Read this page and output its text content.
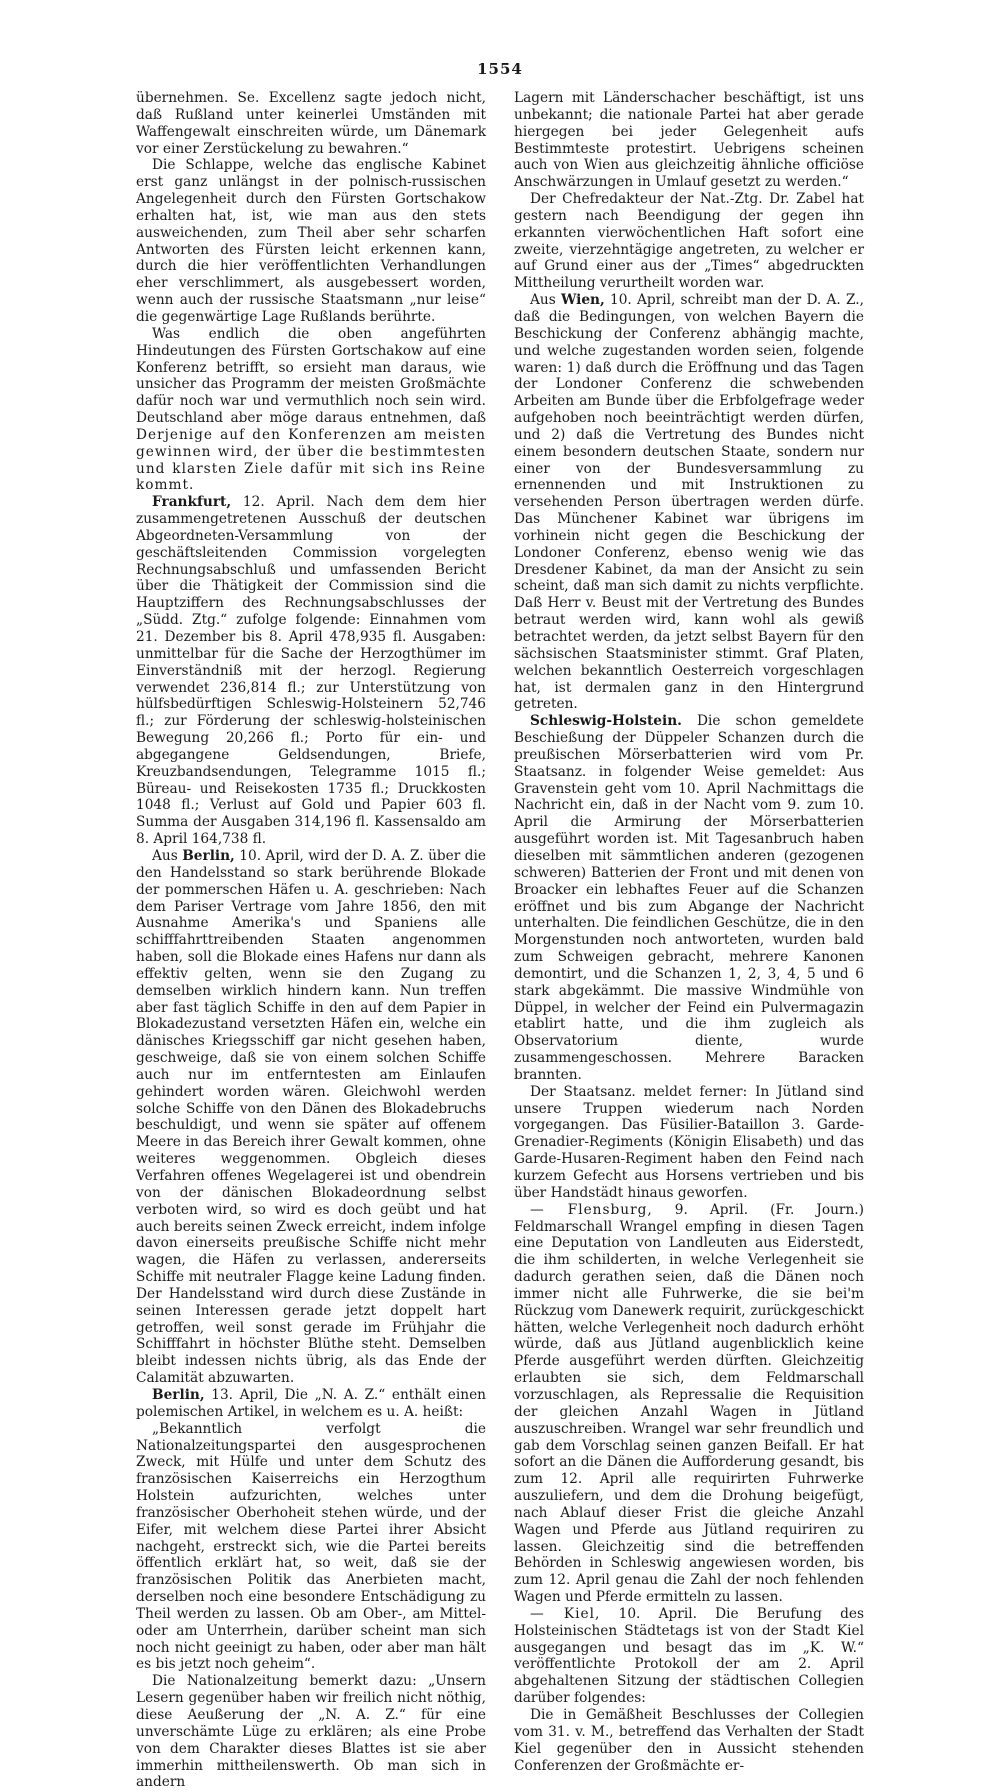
1554

übernehmen. Se. Excellenz sagte jedoch nicht, daß Rußland unter keinerlei Umständen mit Waffengewalt einschreiten würde, um Dänemark vor einer Zerstückelung zu bewahren.“

Die Schlappe, welche das englische Kabinet erst ganz unlängst in der polnisch-russischen Angelegenheit durch den Fürsten Gortschakow erhalten hat, ist, wie man aus den stets ausweichenden, zum Theil aber sehr scharfen Antworten des Fürsten leicht erkennen kann, durch die hier veröffentlichten Verhandlungen eher verschlimmert, als ausgebessert worden, wenn auch der russische Staatsmann „nur leise“ die gegenwärtige Lage Rußlands berührte.

Was endlich die oben angeführten Hindeutungen des Fürsten Gortschakow auf eine Konferenz betrifft, so ersieht man daraus, wie unsicher das Programm der meisten Großmächte dafür noch war und vermuthlich noch sein wird. Deutschland aber möge daraus entnehmen, daß Derjenige auf den Konferenzen am meisten gewinnen wird, der über die bestimmtesten und klarsten Ziele dafür mit sich ins Reine kommt.

Frankfurt, 12. April. Nach dem dem hier zusammengetretenen Ausschuß der deutschen Abgeordneten-Versammlung von der geschäftsleitenden Commission vorgelegten Rechnungsabschluß und umfassenden Bericht über die Thätigkeit der Commission sind die Hauptziffern des Rechnungsabschlusses der „Südd. Ztg.“ zufolge folgende: Einnahmen vom 21. Dezember bis 8. April 478,935 fl. Ausgaben: unmittelbar für die Sache der Herzogthümer im Einverständniß mit der herzogl. Regierung verwendet 236,814 fl.; zur Unterstützung von hülfsbedürftigen Schleswig-Holsteinern 52,746 fl.; zur Förderung der schleswig-holsteinischen Bewegung 20,266 fl.; Porto für ein- und abgegangene Geldsendungen, Briefe, Kreuzbandsendungen, Telegramme 1015 fl.; Büreau- und Reisekosten 1735 fl.; Druckkosten 1048 fl.; Verlust auf Gold und Papier 603 fl. Summa der Ausgaben 314,196 fl. Kassensaldo am 8. April 164,738 fl.

Aus Berlin, 10. April, wird der D. A. Z. über die den Handelsstand so stark berührende Blokade der pommerschen Häfen u. A. geschrieben: Nach dem Pariser Vertrage vom Jahre 1856, den mit Ausnahme Amerika's und Spaniens alle schifffahrttreibenden Staaten angenommen haben, soll die Blokade eines Hafens nur dann als effektiv gelten, wenn sie den Zugang zu demselben wirklich hindern kann. Nun treffen aber fast täglich Schiffe in den auf dem Papier in Blokadezustand versetzten Häfen ein, welche ein dänisches Kriegsschiff gar nicht gesehen haben, geschweige, daß sie von einem solchen Schiffe auch nur im entferntesten am Einlaufen gehindert worden wären. Gleichwohl werden solche Schiffe von den Dänen des Blokadebruchs beschuldigt, und wenn sie später auf offenem Meere in das Bereich ihrer Gewalt kommen, ohne weiteres weggenommen. Obgleich dieses Verfahren offenes Wegelagerei ist und obendrein von der dänischen Blokadeordnung selbst verboten wird, so wird es doch geübt und hat auch bereits seinen Zweck erreicht, indem infolge davon einerseits preußische Schiffe nicht mehr wagen, die Häfen zu verlassen, andererseits Schiffe mit neutraler Flagge keine Ladung finden. Der Handelsstand wird durch diese Zustände in seinen Interessen gerade jetzt doppelt hart getroffen, weil sonst gerade im Frühjahr die Schifffahrt in höchster Blüthe steht. Demselben bleibt indessen nichts übrig, als das Ende der Calamität abzuwarten.

Berlin, 13. April, Die „N. A. Z.“ enthält einen polemischen Artikel, in welchem es u. A. heißt:

„Bekanntlich verfolgt die Nationalzeitungspartei den ausgesprochenen Zweck, mit Hülfe und unter dem Schutz des französischen Kaiserreichs ein Herzogthum Holstein aufzurichten, welches unter französischer Oberhoheit stehen würde, und der Eifer, mit welchem diese Partei ihrer Absicht nachgeht, erstreckt sich, wie die Partei bereits öffentlich erklärt hat, so weit, daß sie der französischen Politik das Anerbieten macht, derselben noch eine besondere Entschädigung zu Theil werden zu lassen. Ob am Ober-, am Mittel- oder am Unterrhein, darüber scheint man sich noch nicht geeinigt zu haben, oder aber man hält es bis jetzt noch geheim“.

Die Nationalzeitung bemerkt dazu: „Unsern Lesern gegenüber haben wir freilich nicht nöthig, diese Aeußerung der „N. A. Z.“ für eine unverschämte Lüge zu erklären; als eine Probe von dem Charakter dieses Blattes ist sie aber immerhin mittheilenswerth. Ob man sich in andern

Lagern mit Länderschacher beschäftigt, ist uns unbekannt; die nationale Partei hat aber gerade hiergegen bei jeder Gelegenheit aufs Bestimmteste protestirt. Uebrigens scheinen auch von Wien aus gleichzeitig ähnliche officiöse Anschwärzungen in Umlauf gesetzt zu werden.“

Der Chefredakteur der Nat.-Ztg. Dr. Zabel hat gestern nach Beendigung der gegen ihn erkannten vierwöchentlichen Haft sofort eine zweite, vierzehntägige angetreten, zu welcher er auf Grund einer aus der „Times“ abgedruckten Mittheilung verurtheilt worden war.

Aus Wien, 10. April, schreibt man der D. A. Z., daß die Bedingungen, von welchen Bayern die Beschickung der Conferenz abhängig machte, und welche zugestanden worden seien, folgende waren: 1) daß durch die Eröffnung und das Tagen der Londoner Conferenz die schwebenden Arbeiten am Bunde über die Erbfolgefrage weder aufgehoben noch beeinträchtigt werden dürfen, und 2) daß die Vertretung des Bundes nicht einem besondern deutschen Staate, sondern nur einer von der Bundesversammlung zu ernennenden und mit Instruktionen zu versehenden Person übertragen werden dürfe. Das Münchener Kabinet war übrigens im vorhinein nicht gegen die Beschickung der Londoner Conferenz, ebenso wenig wie das Dresdener Kabinet, da man der Ansicht zu sein scheint, daß man sich damit zu nichts verpflichte. Daß Herr v. Beust mit der Vertretung des Bundes betraut werden wird, kann wohl als gewiß betrachtet werden, da jetzt selbst Bayern für den sächsischen Staatsminister stimmt. Graf Platen, welchen bekanntlich Oesterreich vorgeschlagen hat, ist dermalen ganz in den Hintergrund getreten.

Schleswig-Holstein. Die schon gemeldete Beschießung der Düppeler Schanzen durch die preußischen Mörserbatterien wird vom Pr. Staatsanz. in folgender Weise gemeldet: Aus Gravenstein geht vom 10. April Nachmittags die Nachricht ein, daß in der Nacht vom 9. zum 10. April die Armirung der Mörserbatterien ausgeführt worden ist. Mit Tagesanbruch haben dieselben mit sämmtlichen anderen (gezogenen schweren) Batterien der Front und mit denen von Broacker ein lebhaftes Feuer auf die Schanzen eröffnet und bis zum Abgange der Nachricht unterhalten. Die feindlichen Geschütze, die in den Morgenstunden noch antworteten, wurden bald zum Schweigen gebracht, mehrere Kanonen demontirt, und die Schanzen 1, 2, 3, 4, 5 und 6 stark abgekämmt. Die massive Windmühle von Düppel, in welcher der Feind ein Pulvermagazin etablirt hatte, und die ihm zugleich als Observatorium diente, wurde zusammengeschossen. Mehrere Baracken brannten.

Der Staatsanz. meldet ferner: In Jütland sind unsere Truppen wiederum nach Norden vorgegangen. Das Füsilier-Bataillon 3. Garde-Grenadier-Regiments (Königin Elisabeth) und das Garde-Husaren-Regiment haben den Feind nach kurzem Gefecht aus Horsens vertrieben und bis über Handstädt hinaus geworfen.

— Flensburg, 9. April. (Fr. Journ.) Feldmarschall Wrangel empfing in diesen Tagen eine Deputation von Landleuten aus Eiderstedt, die ihm schilderten, in welche Verlegenheit sie dadurch gerathen seien, daß die Dänen noch immer nicht alle Fuhrwerke, die sie bei'm Rückzug vom Danewerk requirit, zurückgeschickt hätten, welche Verlegenheit noch dadurch erhöht würde, daß aus Jütland augenblicklich keine Pferde ausgeführt werden dürften. Gleichzeitig erlaubten sie sich, dem Feldmarschall vorzuschlagen, als Repressalie die Requisition der gleichen Anzahl Wagen in Jütland auszuschreiben. Wrangel war sehr freundlich und gab dem Vorschlag seinen ganzen Beifall. Er hat sofort an die Dänen die Aufforderung gesandt, bis zum 12. April alle requirirten Fuhrwerke auszuliefern, und dem die Drohung beigefügt, nach Ablauf dieser Frist die gleiche Anzahl Wagen und Pferde aus Jütland requiriren zu lassen. Gleichzeitig sind die betreffenden Behörden in Schleswig angewiesen worden, bis zum 12. April genau die Zahl der noch fehlenden Wagen und Pferde ermitteln zu lassen.

— Kiel, 10. April. Die Berufung des Holsteinischen Städtetags ist von der Stadt Kiel ausgegangen und besagt das im „K. W.“ veröffentlichte Protokoll der am 2. April abgehaltenen Sitzung der städtischen Collegien darüber folgendes:

Die in Gemäßheit Beschlusses der Collegien vom 31. v. M., betreffend das Verhalten der Stadt Kiel gegenüber den in Aussicht stehenden Conferenzen der Großmächte er-
